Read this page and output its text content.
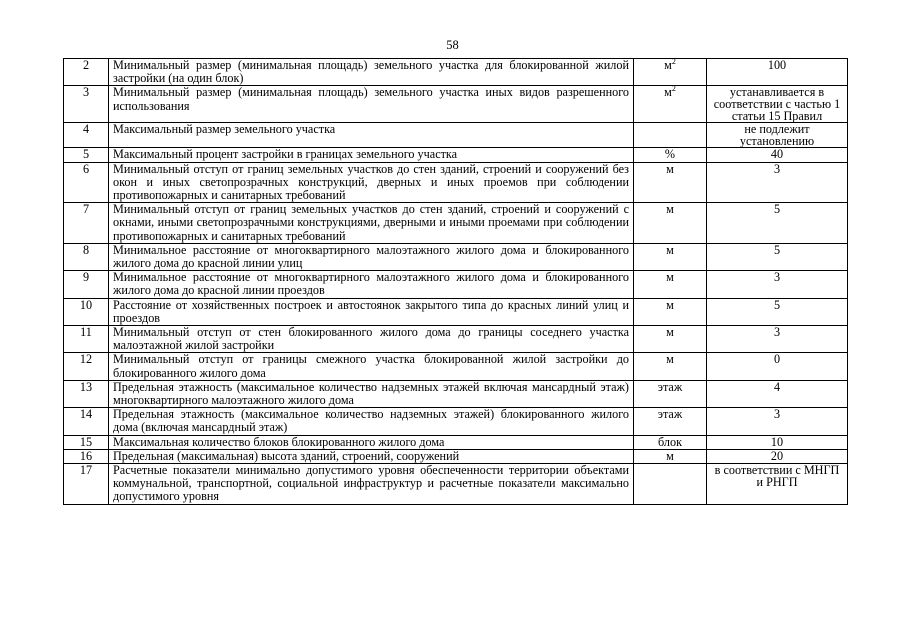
58
2	Минимальный размер (минимальная площадь) земельного участка для блокированной жилой застройки (на один блок)	$м^2$	100
3	Минимальный размер (минимальная площадь) земельного участка иных видов разрешенного использования	$м^2$	устанавливается в соответствии с частью 1 статьи 15 Правил
4	Максимальный размер земельного участка		не подлежит установлению
5	Максимальный процент застройки в границах земельного участка	%	40
6	Минимальный отступ от границ земельных участков до стен зданий, строений и сооружений без окон и иных светопрозрачных конструкций, дверных и иных проемов при соблюдении противопожарных и санитарных требований	м	3
7	Минимальный отступ от границ земельных участков до стен зданий, строений и сооружений с окнами, иными светопрозрачными конструкциями, дверными и иными проемами при соблюдении противопожарных и санитарных требований	м	5
8	Минимальное расстояние от многоквартирного малоэтажного жилого дома и блокированного жилого дома до красной линии улиц	м	5
9	Минимальное расстояние от многоквартирного малоэтажного жилого дома и блокированного жилого дома до красной линии проездов	м	3
10	Расстояние от хозяйственных построек и автостоянок закрытого типа до красных линий улиц и проездов	м	5
11	Минимальный отступ от стен блокированного жилого дома до границы соседнего участка малоэтажной жилой застройки	м	3
12	Минимальный отступ от границы смежного участка блокированной жилой застройки до блокированного жилого дома	м	0
13	Предельная этажность (максимальное количество надземных этажей включая мансардный этаж) многоквартирного малоэтажного жилого дома	этаж	4
14	Предельная этажность (максимальное количество надземных этажей) блокированного жилого дома (включая мансардный этаж)	этаж	3
15	Максимальная количество блоков блокированного жилого дома	блок	10
16	Предельная (максимальная) высота зданий, строений, сооружений	м	20
17	Расчетные показатели минимально допустимого уровня обеспеченности территории объектами коммунальной, транспортной, социальной инфраструктур и расчетные показатели максимально допустимого уровня		в соответствии с МНГП и РНГП
